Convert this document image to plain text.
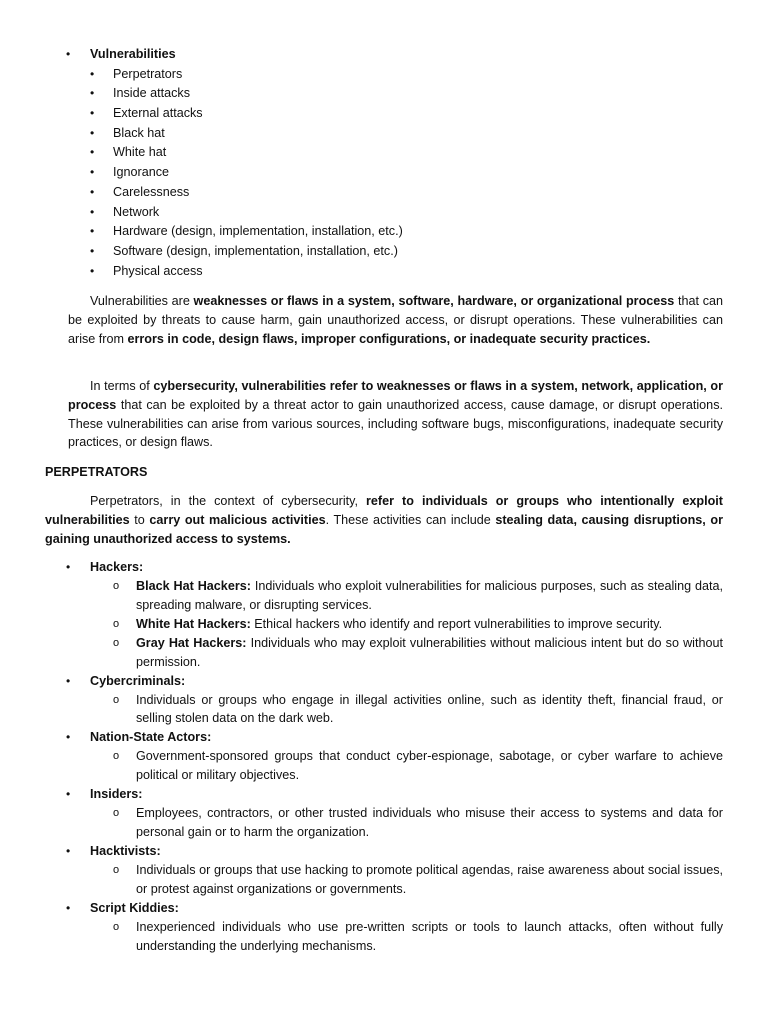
• Vulnerabilities
• Perpetrators
• Inside attacks
• External attacks
• Black hat
• White hat
• Ignorance
• Carelessness
• Network
• Hardware (design, implementation, installation, etc.)
• Software (design, implementation, installation, etc.)
• Physical access

Vulnerabilities are weaknesses or flaws in a system, software, hardware, or organizational process that can be exploited by threats to cause harm, gain unauthorized access, or disrupt operations. These vulnerabilities can arise from errors in code, design flaws, improper configurations, or inadequate security practices.

In terms of cybersecurity, vulnerabilities refer to weaknesses or flaws in a system, network, application, or process that can be exploited by a threat actor to gain unauthorized access, cause damage, or disrupt operations. These vulnerabilities can arise from various sources, including software bugs, misconfigurations, inadequate security practices, or design flaws.

PERPETRATORS

Perpetrators, in the context of cybersecurity, refer to individuals or groups who intentionally exploit vulnerabilities to carry out malicious activities. These activities can include stealing data, causing disruptions, or gaining unauthorized access to systems.

• Hackers:
o Black Hat Hackers: Individuals who exploit vulnerabilities for malicious purposes, such as stealing data, spreading malware, or disrupting services.
o White Hat Hackers: Ethical hackers who identify and report vulnerabilities to improve security.
o Gray Hat Hackers: Individuals who may exploit vulnerabilities without malicious intent but do so without permission.
• Cybercriminals:
o Individuals or groups who engage in illegal activities online, such as identity theft, financial fraud, or selling stolen data on the dark web.
• Nation-State Actors:
o Government-sponsored groups that conduct cyber-espionage, sabotage, or cyber warfare to achieve political or military objectives.
• Insiders:
o Employees, contractors, or other trusted individuals who misuse their access to systems and data for personal gain or to harm the organization.
• Hacktivists:
o Individuals or groups that use hacking to promote political agendas, raise awareness about social issues, or protest against organizations or governments.
• Script Kiddies:
o Inexperienced individuals who use pre-written scripts or tools to launch attacks, often without fully understanding the underlying mechanisms.
